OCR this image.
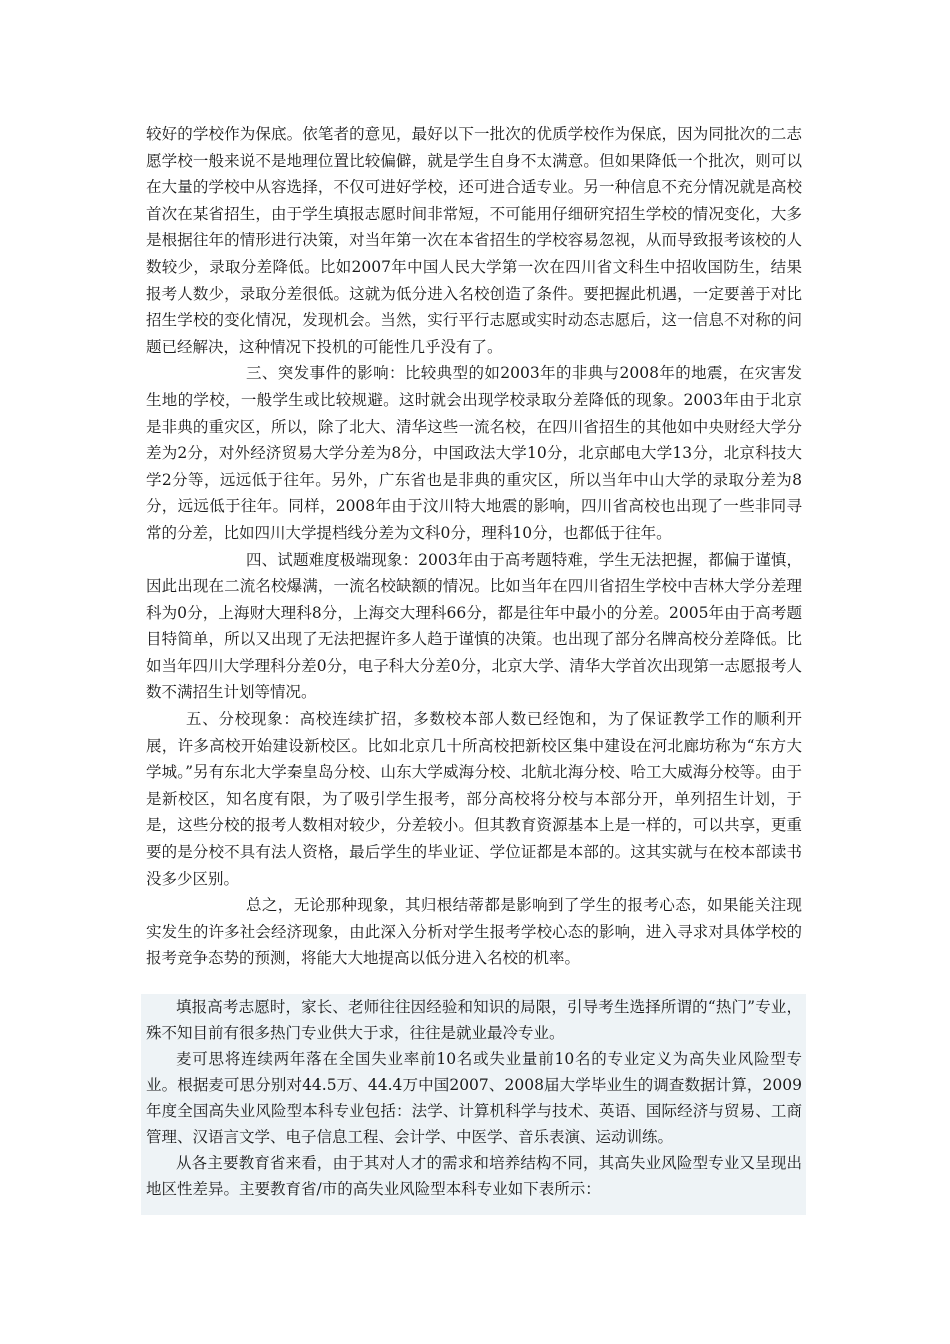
较好的学校作为保底。依笔者的意见，最好以下一批次的优质学校作为保底，因为同批次的二志愿学校一般来说不是地理位置比较偏僻，就是学生自身不太满意。但如果降低一个批次，则可以在大量的学校中从容选择，不仅可进好学校，还可进合适专业。另一种信息不充分情况就是高校首次在某省招生，由于学生填报志愿时间非常短，不可能用仔细研究招生学校的情况变化，大多是根据往年的情形进行决策，对当年第一次在本省招生的学校容易忽视，从而导致报考该校的人数较少，录取分差降低。比如2007年中国人民大学第一次在四川省文科生中招收国防生，结果报考人数少，录取分差很低。这就为低分进入名校创造了条件。要把握此机遇，一定要善于对比招生学校的变化情况，发现机会。当然，实行平行志愿或实时动态志愿后，这一信息不对称的问题已经解决，这种情况下投机的可能性几乎没有了。

三、突发事件的影响：比较典型的如2003年的非典与2008年的地震，在灾害发生地的学校，一般学生或比较规避。这时就会出现学校录取分差降低的现象。2003年由于北京是非典的重灾区，所以，除了北大、清华这些一流名校，在四川省招生的其他如中央财经大学分差为2分，对外经济贸易大学分差为8分，中国政法大学10分，北京邮电大学13分，北京科技大学2分等，远远低于往年。另外，广东省也是非典的重灾区，所以当年中山大学的录取分差为8分，远远低于往年。同样，2008年由于汶川特大地震的影响，四川省高校也出现了一些非同寻常的分差，比如四川大学提档线分差为文科0分，理科10分，也都低于往年。

四、试题难度极端现象：2003年由于高考题特难，学生无法把握，都偏于谨慎，因此出现在二流名校爆满，一流名校缺额的情况。比如当年在四川省招生学校中吉林大学分差理科为0分，上海财大理科8分，上海交大理科66分，都是往年中最小的分差。2005年由于高考题目特简单，所以又出现了无法把握许多人趋于谨慎的决策。也出现了部分名牌高校分差降低。比如当年四川大学理科分差0分，电子科大分差0分，北京大学、清华大学首次出现第一志愿报考人数不满招生计划等情况。

五、分校现象：高校连续扩招，多数校本部人数已经饱和，为了保证教学工作的顺利开展，许多高校开始建设新校区。比如北京几十所高校把新校区集中建设在河北廊坊称为“东方大学城。”另有东北大学秦皇岛分校、山东大学威海分校、北航北海分校、哈工大威海分校等。由于是新校区，知名度有限，为了吸引学生报考，部分高校将分校与本部分开，单列招生计划，于是，这些分校的报考人数相对较少，分差较小。但其教育资源基本上是一样的，可以共享，更重要的是分校不具有法人资格，最后学生的毕业证、学位证都是本部的。这其实就与在校本部读书没多少区别。

总之，无论那种现象，其归根结蒂都是影响到了学生的报考心态，如果能关注现实发生的许多社会经济现象，由此深入分析对学生报考学校心态的影响，进入寻求对具体学校的报考竞争态势的预测，将能大大地提高以低分进入名校的机率。

填报高考志愿时，家长、老师往往因经验和知识的局限，引导考生选择所谓的“热门”专业，殊不知目前有很多热门专业供大于求，往往是就业最冷专业。

麦可思将连续两年落在全国失业率前10名或失业量前10名的专业定义为高失业风险型专业。根据麦可思分别对44.5万、44.4万中国2007、2008届大学毕业生的调查数据计算，2009年度全国高失业风险型本科专业包括：法学、计算机科学与技术、英语、国际经济与贸易、工商管理、汉语言文学、电子信息工程、会计学、中医学、音乐表演、运动训练。

从各主要教育省来看，由于其对人才的需求和培养结构不同，其高失业风险型专业又呈现出地区性差异。主要教育省/市的高失业风险型本科专业如下表所示：
